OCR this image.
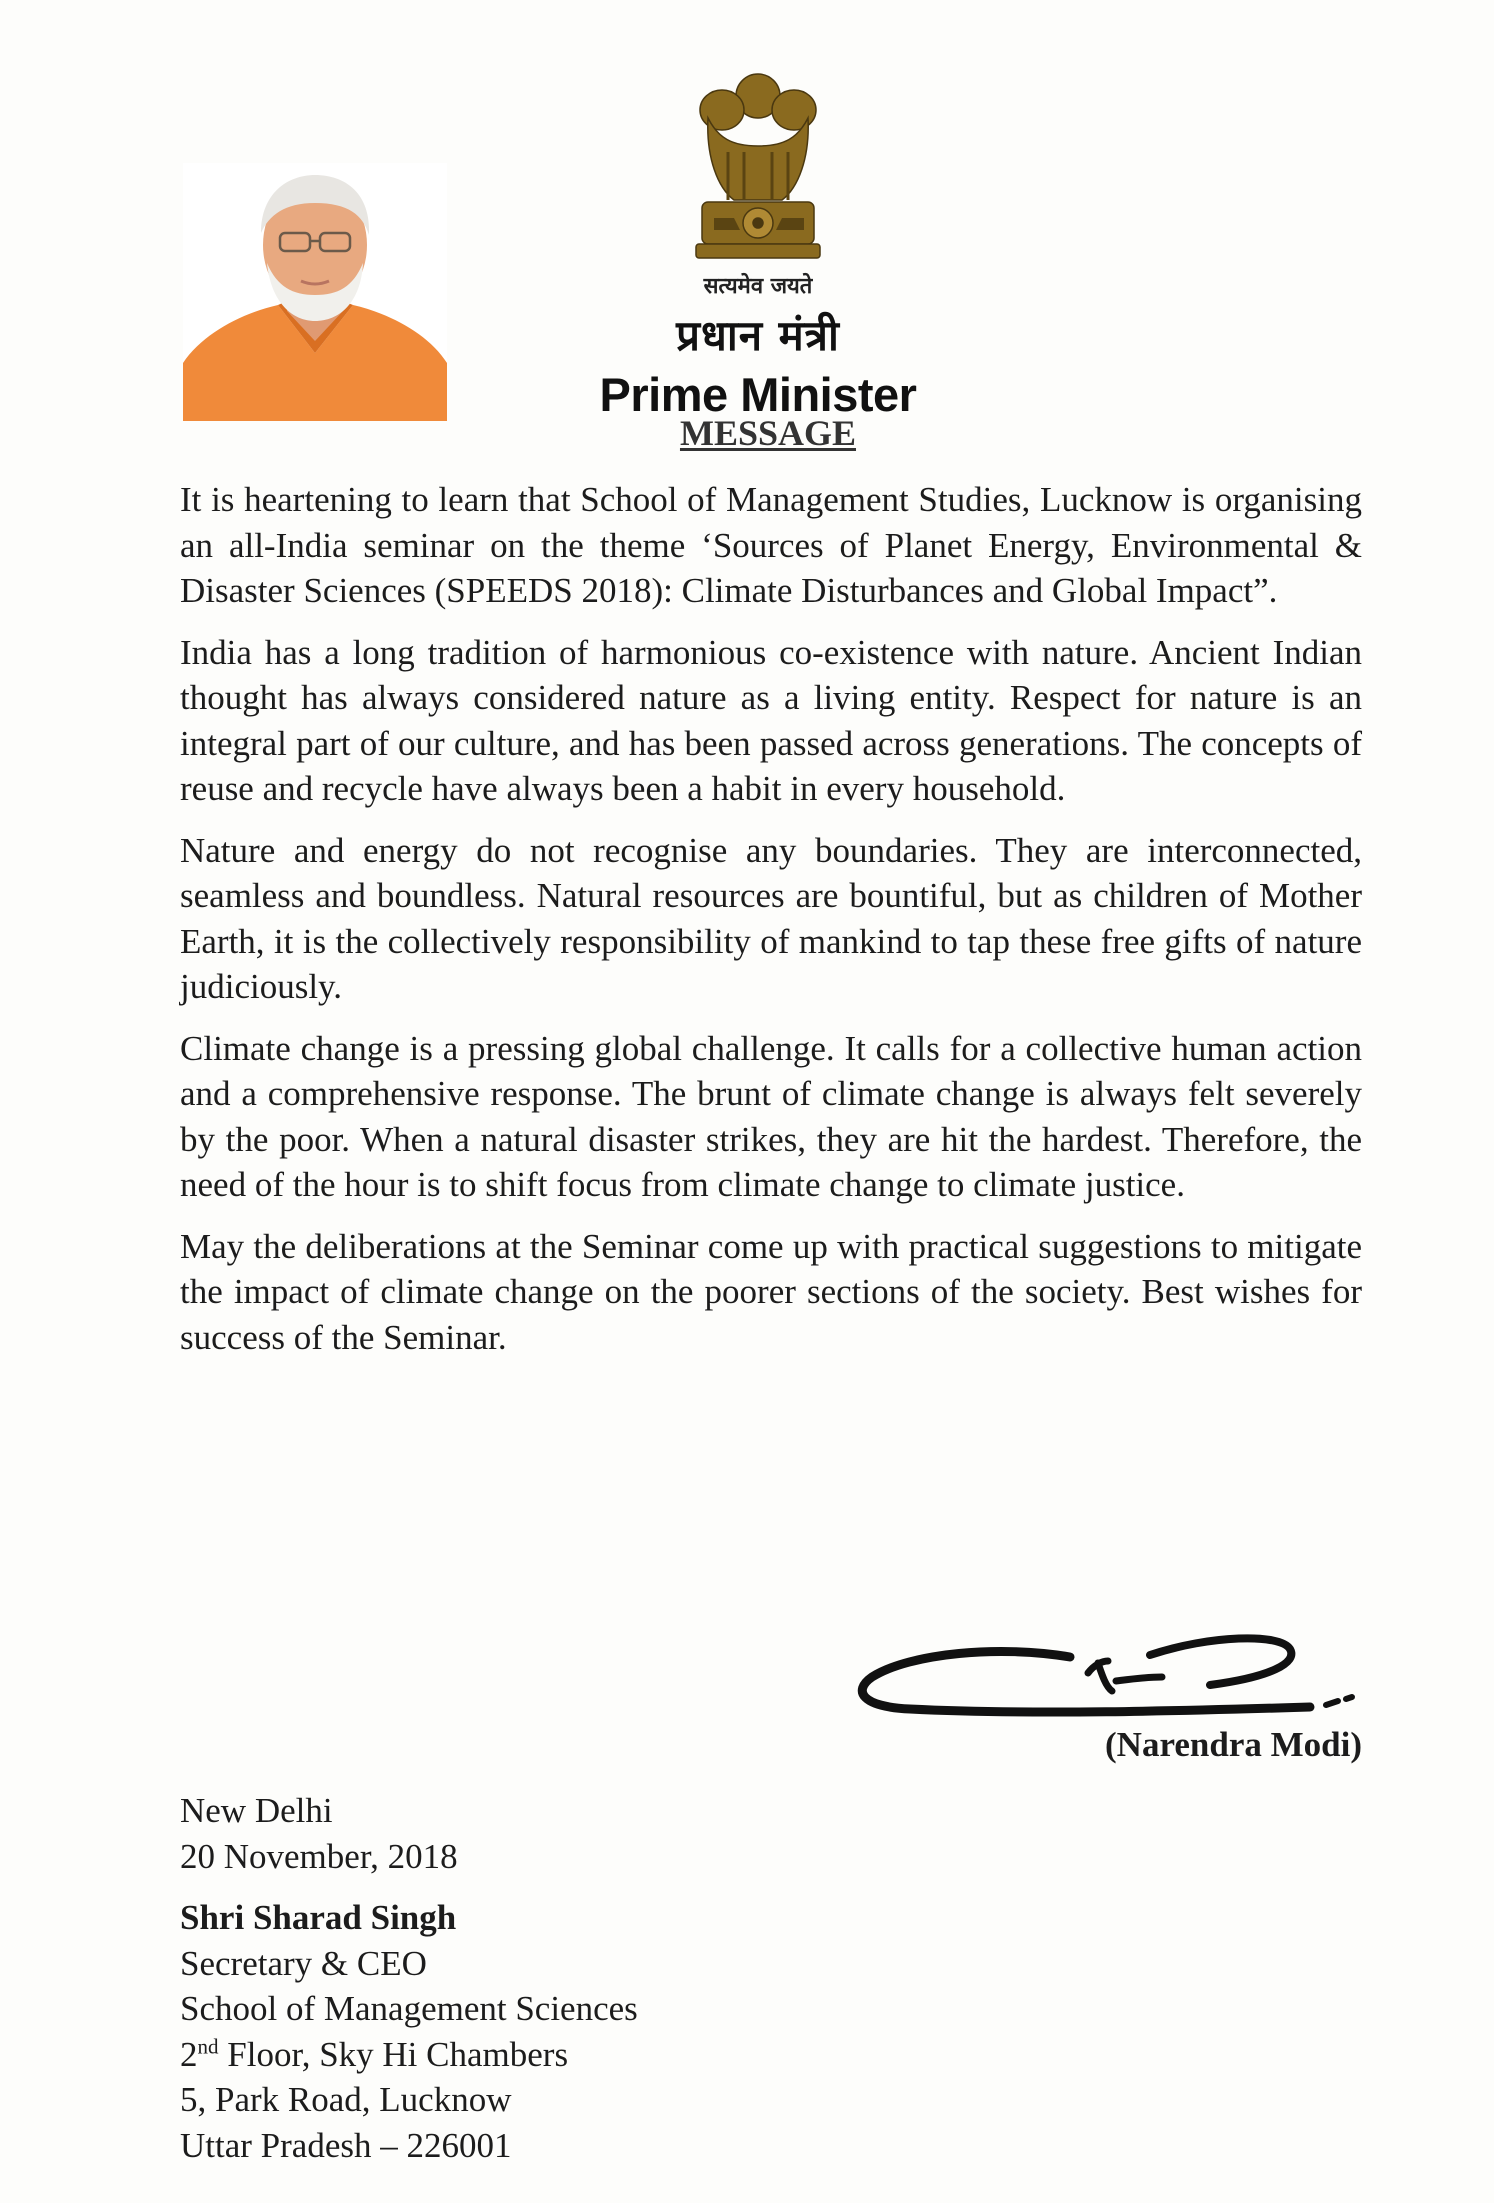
सत्यमेव जयते
प्रधान मंत्री
Prime Minister
MESSAGE

It is heartening to learn that School of Management Studies, Lucknow is organising an all-India seminar on the theme ‘Sources of Planet Energy, Environmental & Disaster Sciences (SPEEDS 2018): Climate Disturbances and Global Impact”.

India has a long tradition of harmonious co-existence with nature. Ancient Indian thought has always considered nature as a living entity. Respect for nature is an integral part of our culture, and has been passed across generations. The concepts of reuse and recycle have always been a habit in every household.

Nature and energy do not recognise any boundaries. They are interconnected, seamless and boundless. Natural resources are bountiful, but as children of Mother Earth, it is the collectively responsibility of mankind to tap these free gifts of nature judiciously.

Climate change is a pressing global challenge. It calls for a collective human action and a comprehensive response. The brunt of climate change is always felt severely by the poor. When a natural disaster strikes, they are hit the hardest. Therefore, the need of the hour is to shift focus from climate change to climate justice.

May the deliberations at the Seminar come up with practical suggestions to mitigate the impact of climate change on the poorer sections of the society. Best wishes for success of the Seminar.

(Narendra Modi)
New Delhi
20 November, 2018
Shri Sharad Singh
Secretary & CEO
School of Management Sciences
2nd Floor, Sky Hi Chambers
5, Park Road, Lucknow
Uttar Pradesh – 226001
